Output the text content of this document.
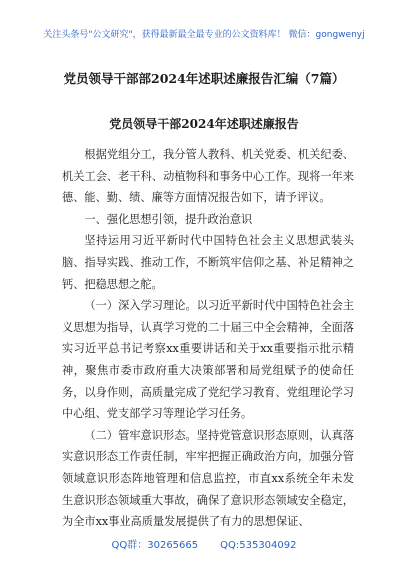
关注头条号"公文研究"，获得最新最全最专业的公文资料库！ 微信：gongwenyj
党员领导干部部2024年述职述廉报告汇编（7篇）
党员领导干部2024年述职述廉报告

根据党组分工，我分管人教科、机关党委、机关纪委、机关工会、老干科、动植物科和事务中心工作。现将一年来德、能、勤、绩、廉等方面情况报告如下，请予评议。

一、强化思想引领，提升政治意识

坚持运用习近平新时代中国特色社会主义思想武装头脑、指导实践、推动工作，不断筑牢信仰之基、补足精神之钙、把稳思想之舵。

（一）深入学习理论。以习近平新时代中国特色社会主义思想为指导，认真学习党的二十届三中全会精神，全面落实习近平总书记考察xx重要讲话和关于xx重要指示批示精神，聚焦市委市政府重大决策部署和局党组赋予的使命任务，以身作则，高质量完成了党纪学习教育、党组理论学习中心组、党支部学习等理论学习任务。

（二）管牢意识形态。坚持党管意识形态原则，认真落实意识形态工作责任制，牢牢把握正确政治方向，加强分管领域意识形态阵地管理和信息监控，市直xx系统全年未发生意识形态领域重大事故，确保了意识形态领域安全稳定，为全市xx事业高质量发展提供了有力的思想保证、

QQ群：30265665 QQ:535304092
